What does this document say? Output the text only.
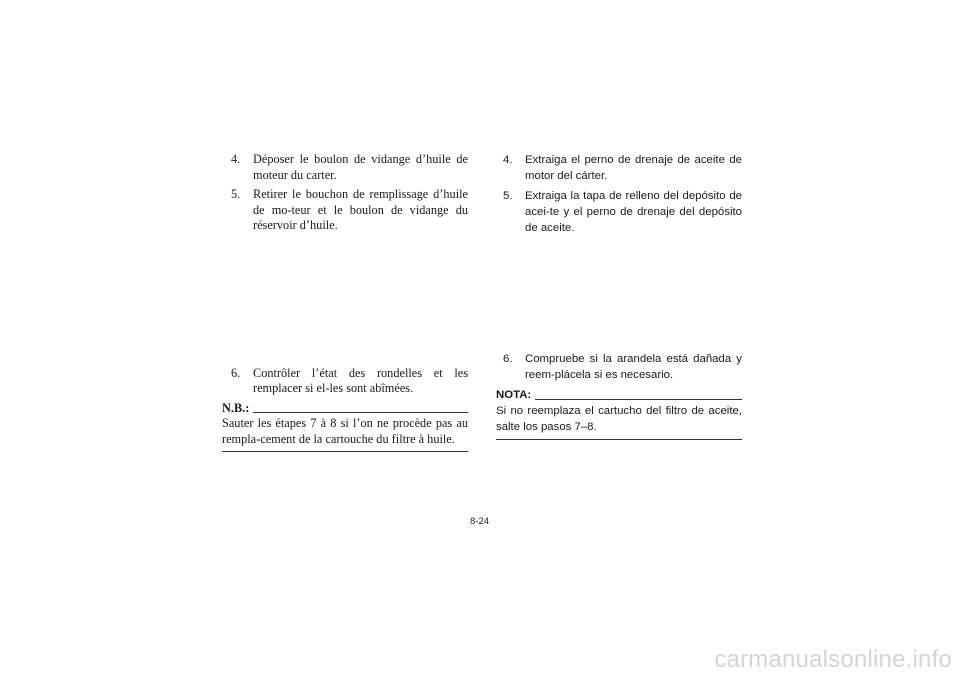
4.	Déposer le boulon de vidange d’huile de moteur du carter.
5.	Retirer le bouchon de remplissage d’huile de mo-teur et le boulon de vidange du réservoir d’huile.
6.	Contrôler l’état des rondelles et les remplacer si el-les sont abîmées.
N.B.:
Sauter les étapes 7 à 8 si l’on ne procède pas au rempla-cement de la cartouche du filtre à huile.
4.	Extraiga el perno de drenaje de aceite de motor del cárter.
5.	Extraiga la tapa de relleno del depósito de acei-te y el perno de drenaje del depósito de aceite.
6.	Compruebe si la arandela está dañada y reem-plácela si es necesario.
NOTA:
Si no reemplaza el cartucho del filtro de aceite, salte los pasos 7–8.
8-24
carmanualsonline.info
